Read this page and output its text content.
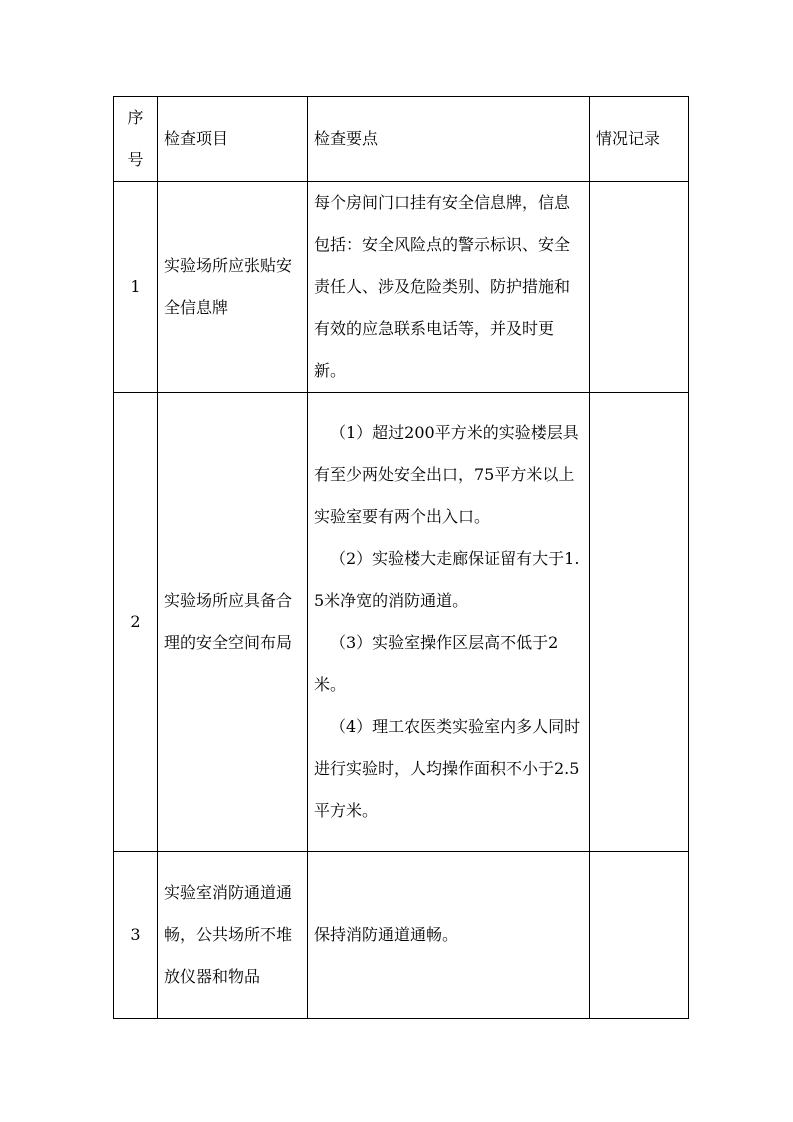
序
号	检查项目	检查要点	情况记录
1	实验场所应张贴安全信息牌	每个房间门口挂有安全信息牌，信息包括：安全风险点的警示标识、安全责任人、涉及危险类别、防护措施和有效的应急联系电话等，并及时更新。	

2	实验场所应具备合理的安全空间布局	（1）超过200平方米的实验楼层具有至少两处安全出口，75平方米以上实验室要有两个出入口。
（2）实验楼大走廊保证留有大于1.5米净宽的消防通道。
（3）实验室操作区层高不低于2米。
（4）理工农医类实验室内多人同时进行实验时，人均操作面积不小于2.5平方米。	

3	实验室消防通道通畅，公共场所不堆放仪器和物品	保持消防通道通畅。	
